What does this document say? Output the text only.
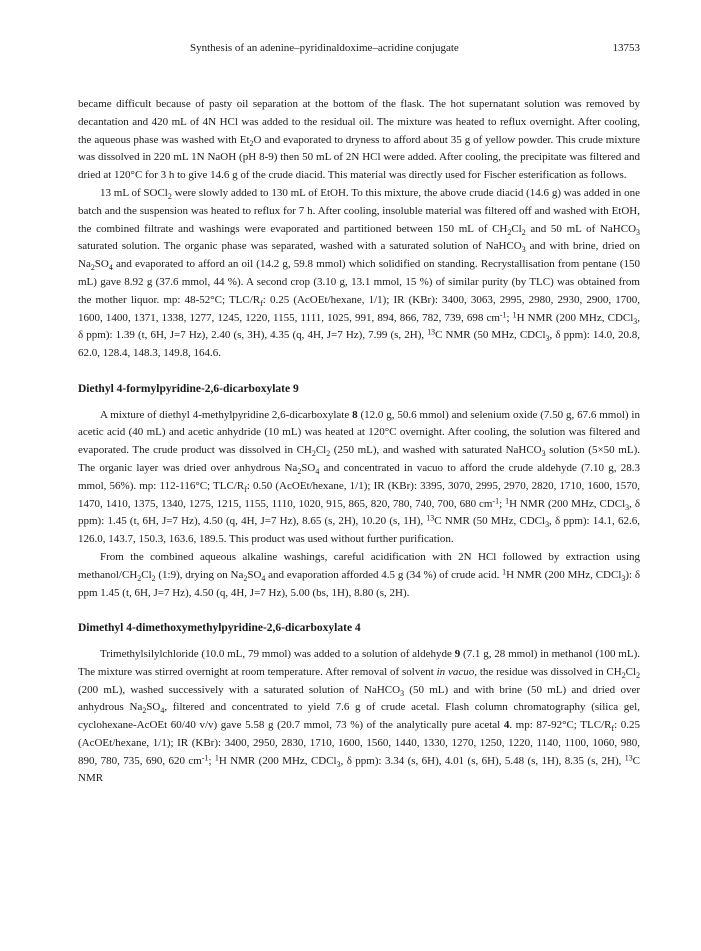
Synthesis of an adenine–pyridinaldoxime–acridine conjugate	13753

became difficult because of pasty oil separation at the bottom of the flask. The hot supernatant solution was removed by decantation and 420 mL of 4N HCl was added to the residual oil. The mixture was heated to reflux overnight. After cooling, the aqueous phase was washed with $Et_2O$ and evaporated to dryness to afford about 35 g of yellow powder. This crude mixture was dissolved in 220 mL 1N NaOH (pH 8-9) then 50 mL of 2N HCl were added. After cooling, the precipitate was filtered and dried at 120°C for 3 h to give 14.6 g of the crude diacid. This material was directly used for Fischer esterification as follows.

13 mL of SOCl$_2$ were slowly added to 130 mL of EtOH. To this mixture, the above crude diacid (14.6 g) was added in one batch and the suspension was heated to reflux for 7 h. After cooling, insoluble material was filtered off and washed with EtOH, the combined filtrate and washings were evaporated and partitioned between 150 mL of $CH_2Cl_2$ and 50 mL of NaHCO$_3$ saturated solution. The organic phase was separated, washed with a saturated solution of NaHCO$_3$ and with brine, dried on $Na_2SO_4$ and evaporated to afford an oil (14.2 g, 59.8 mmol) which solidified on standing. Recrystallisation from pentane (150 mL) gave 8.92 g (37.6 mmol, 44 %). A second crop (3.10 g, 13.1 mmol, 15 %) of similar purity (by TLC) was obtained from the mother liquor. mp: 48-52°C; TLC/$R_f$: 0.25 (AcOEt/hexane, 1/1); IR (KBr): 3400, 3063, 2995, 2980, 2930, 2900, 1700, 1600, 1400, 1371, 1338, 1277, 1245, 1220, 1155, 1111, 1025, 991, 894, 866, 782, 739, 698 $cm^{-1}$; $^1$H NMR (200 MHz, CDCl$_3$, δ ppm): 1.39 (t, 6H, J=7 Hz), 2.40 (s, 3H), 4.35 (q, 4H, J=7 Hz), 7.99 (s, 2H), $^{13}$C NMR (50 MHz, CDCl$_3$, δ ppm): 14.0, 20.8, 62.0, 128.4, 148.3, 149.8, 164.6.

Diethyl 4-formylpyridine-2,6-dicarboxylate 9

A mixture of diethyl 4-methylpyridine 2,6-dicarboxylate 8 (12.0 g, 50.6 mmol) and selenium oxide (7.50 g, 67.6 mmol) in acetic acid (40 mL) and acetic anhydride (10 mL) was heated at 120°C overnight. After cooling, the solution was filtered and evaporated. The crude product was dissolved in $CH_2Cl_2$ (250 mL), and washed with saturated NaHCO$_3$ solution (5×50 mL). The organic layer was dried over anhydrous $Na_2SO_4$ and concentrated in vacuo to afford the crude aldehyde (7.10 g, 28.3 mmol, 56%). mp: 112-116°C; TLC/$R_f$: 0.50 (AcOEt/hexane, 1/1); IR (KBr): 3395, 3070, 2995, 2970, 2820, 1710, 1600, 1570, 1470, 1410, 1375, 1340, 1275, 1215, 1155, 1110, 1020, 915, 865, 820, 780, 740, 700, 680 $cm^{-1}$; $^1$H NMR (200 MHz, CDCl$_3$, δ ppm): 1.45 (t, 6H, J=7 Hz), 4.50 (q, 4H, J=7 Hz), 8.65 (s, 2H), 10.20 (s, 1H), $^{13}$C NMR (50 MHz, CDCl$_3$, δ ppm): 14.1, 62.6, 126.0, 143.7, 150.3, 163.6, 189.5. This product was used without further purification.

From the combined aqueous alkaline washings, careful acidification with 2N HCl followed by extraction using methanol/$CH_2Cl_2$ (1:9), drying on $Na_2SO_4$ and evaporation afforded 4.5 g (34 %) of crude acid. $^1$H NMR (200 MHz, CDCl$_3$): δ ppm 1.45 (t, 6H, J=7 Hz), 4.50 (q, 4H, J=7 Hz), 5.00 (bs, 1H), 8.80 (s, 2H).

Dimethyl 4-dimethoxymethylpyridine-2,6-dicarboxylate 4

Trimethylsilylchloride (10.0 mL, 79 mmol) was added to a solution of aldehyde 9 (7.1 g, 28 mmol) in methanol (100 mL). The mixture was stirred overnight at room temperature. After removal of solvent in vacuo, the residue was dissolved in $CH_2Cl_2$ (200 mL), washed successively with a saturated solution of NaHCO$_3$ (50 mL) and with brine (50 mL) and dried over anhydrous $Na_2SO_4$, filtered and concentrated to yield 7.6 g of crude acetal. Flash column chromatography (silica gel, cyclohexane-AcOEt 60/40 v/v) gave 5.58 g (20.7 mmol, 73 %) of the analytically pure acetal 4. mp: 87-92°C; TLC/$R_f$: 0.25 (AcOEt/hexane, 1/1); IR (KBr): 3400, 2950, 2830, 1710, 1600, 1560, 1440, 1330, 1270, 1250, 1220, 1140, 1100, 1060, 980, 890, 780, 735, 690, 620 $cm^{-1}$; $^1$H NMR (200 MHz, CDCl$_3$, δ ppm): 3.34 (s, 6H), 4.01 (s, 6H), 5.48 (s, 1H), 8.35 (s, 2H), $^{13}$C NMR
